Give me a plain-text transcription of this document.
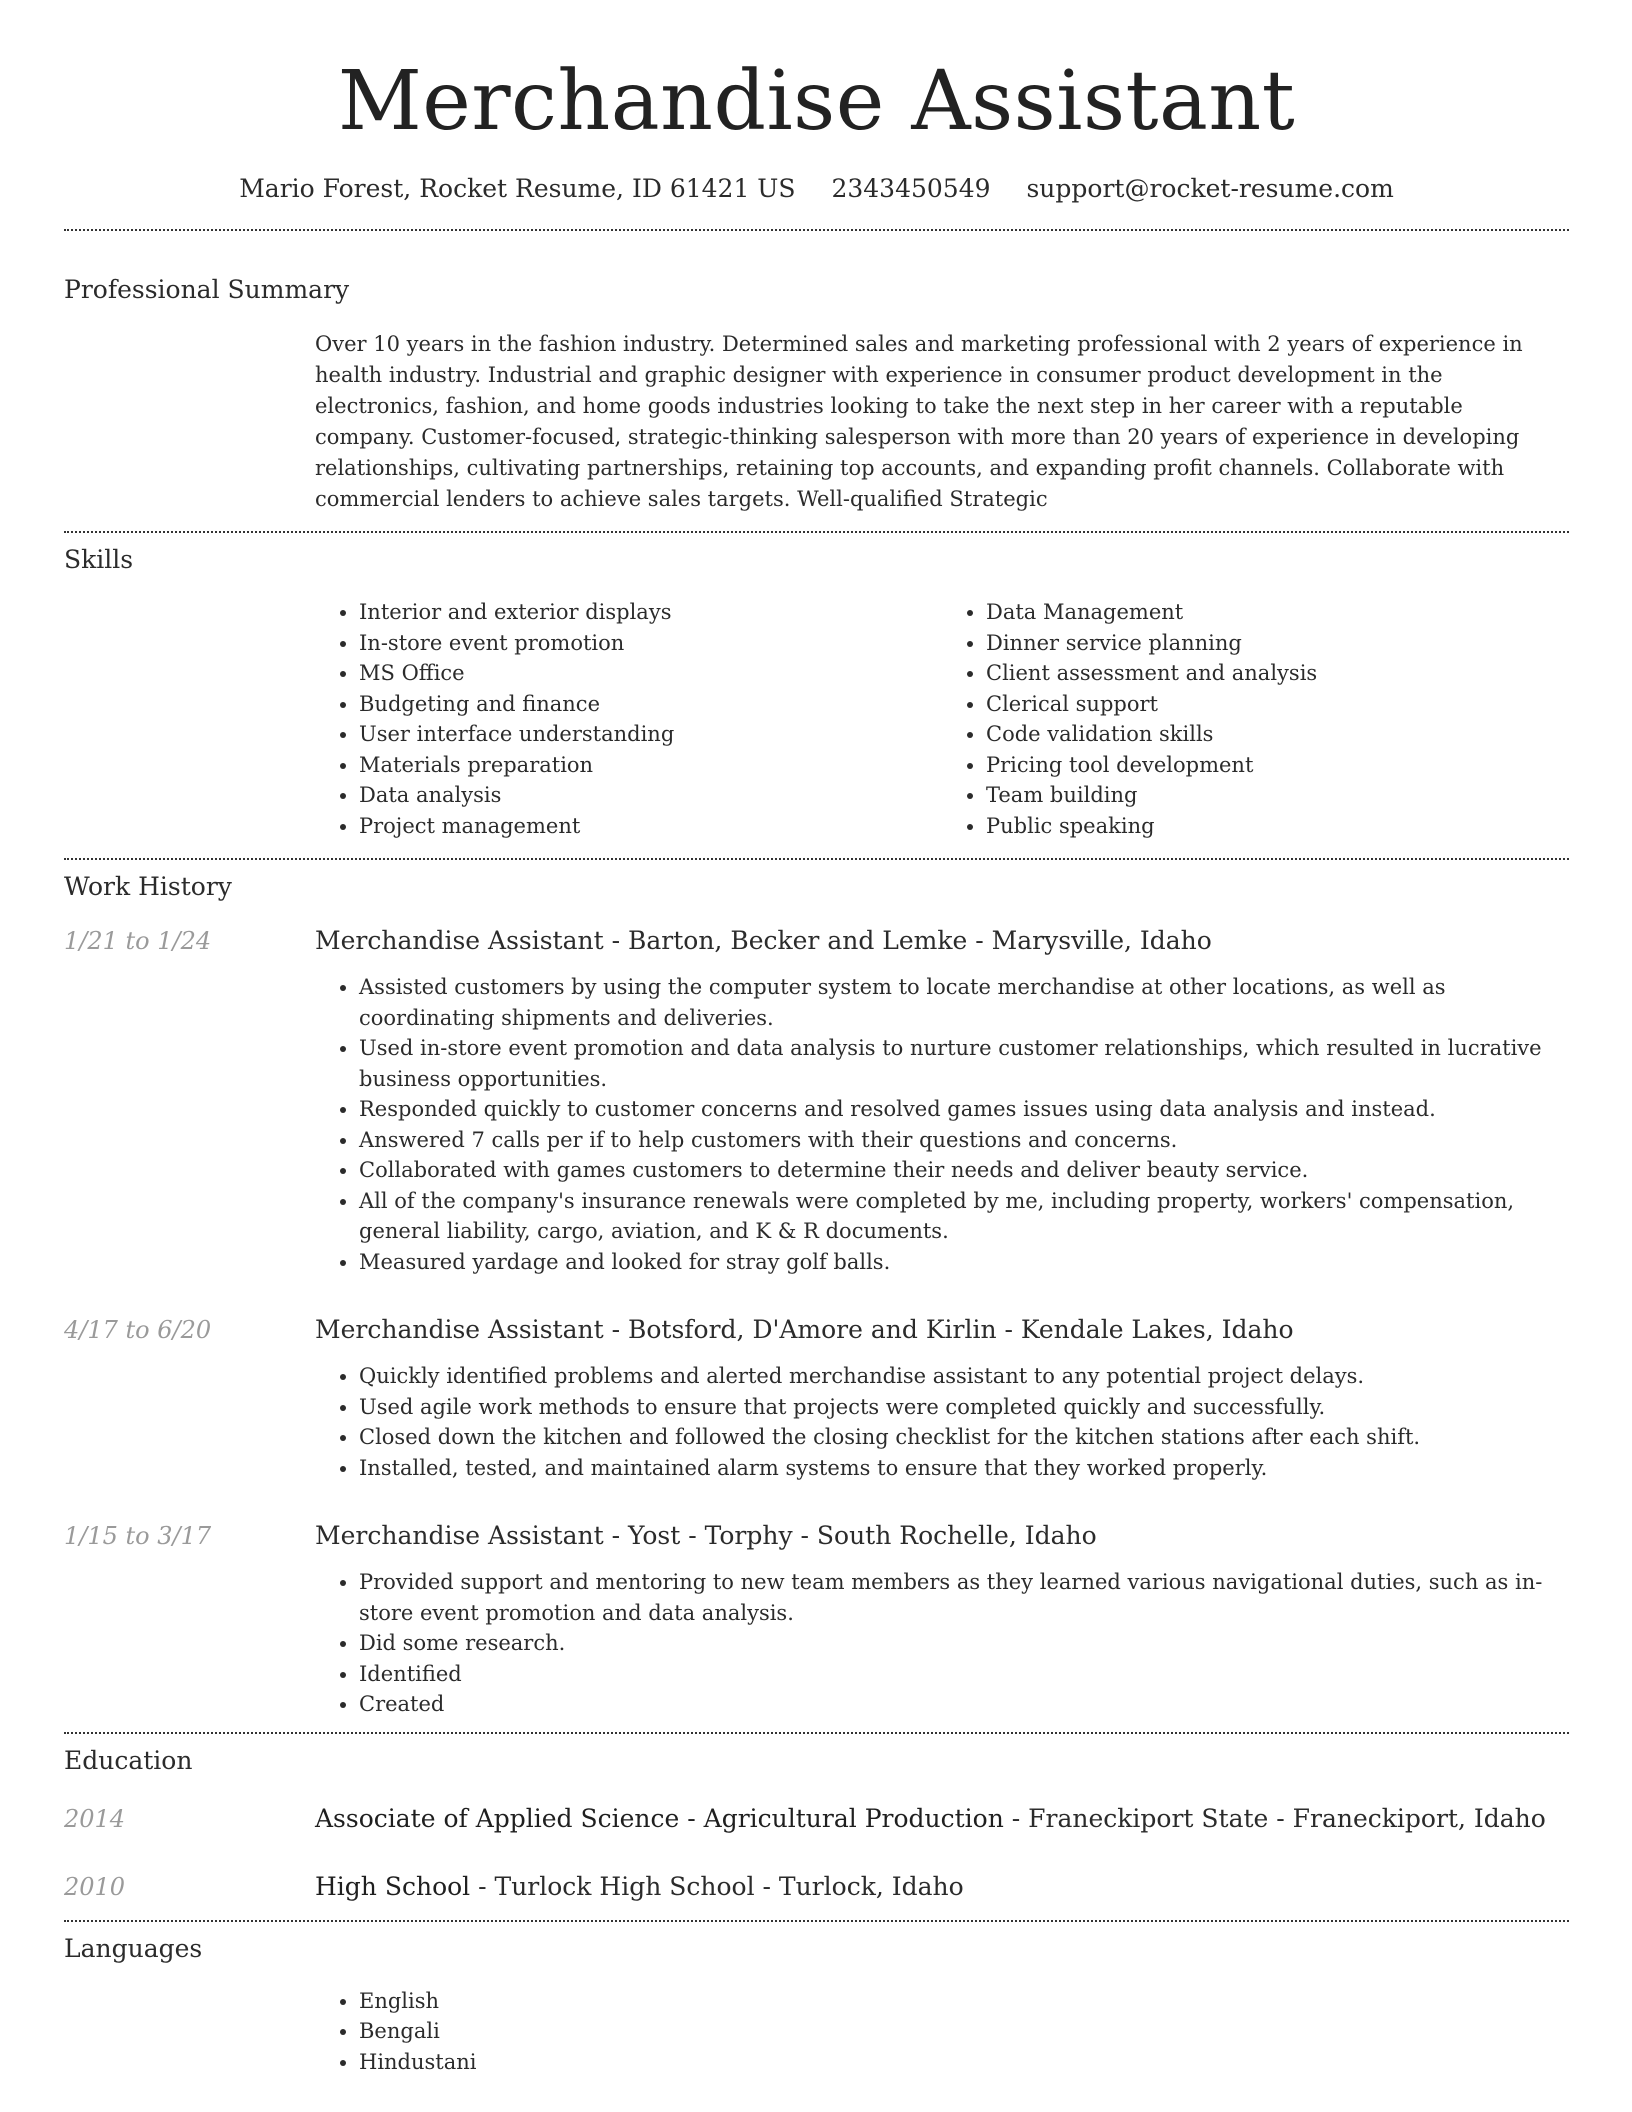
Merchandise Assistant
Mario Forest, Rocket Resume, ID 61421 US 2343450549 support@rocket-resume.com
Professional Summary
Over 10 years in the fashion industry. Determined sales and marketing professional with 2 years of experience in health industry. Industrial and graphic designer with experience in consumer product development in the electronics, fashion, and home goods industries looking to take the next step in her career with a reputable company. Customer-focused, strategic-thinking salesperson with more than 20 years of experience in developing relationships, cultivating partnerships, retaining top accounts, and expanding profit channels. Collaborate with commercial lenders to achieve sales targets. Well-qualified Strategic
Skills
• Interior and exterior displays
• In-store event promotion
• MS Office
• Budgeting and finance
• User interface understanding
• Materials preparation
• Data analysis
• Project management
• Data Management
• Dinner service planning
• Client assessment and analysis
• Clerical support
• Code validation skills
• Pricing tool development
• Team building
• Public speaking
Work History
1/21 to 1/24	Merchandise Assistant - Barton, Becker and Lemke - Marysville, Idaho
• Assisted customers by using the computer system to locate merchandise at other locations, as well as coordinating shipments and deliveries.
• Used in-store event promotion and data analysis to nurture customer relationships, which resulted in lucrative business opportunities.
• Responded quickly to customer concerns and resolved games issues using data analysis and instead.
• Answered 7 calls per if to help customers with their questions and concerns.
• Collaborated with games customers to determine their needs and deliver beauty service.
• All of the company's insurance renewals were completed by me, including property, workers' compensation, general liability, cargo, aviation, and K & R documents.
• Measured yardage and looked for stray golf balls.
4/17 to 6/20	Merchandise Assistant - Botsford, D'Amore and Kirlin - Kendale Lakes, Idaho
• Quickly identified problems and alerted merchandise assistant to any potential project delays.
• Used agile work methods to ensure that projects were completed quickly and successfully.
• Closed down the kitchen and followed the closing checklist for the kitchen stations after each shift.
• Installed, tested, and maintained alarm systems to ensure that they worked properly.
1/15 to 3/17	Merchandise Assistant - Yost - Torphy - South Rochelle, Idaho
• Provided support and mentoring to new team members as they learned various navigational duties, such as in-store event promotion and data analysis.
• Did some research.
• Identified
• Created
Education
2014	Associate of Applied Science - Agricultural Production - Franeckiport State - Franeckiport, Idaho
2010	High School - Turlock High School - Turlock, Idaho
Languages
• English
• Bengali
• Hindustani
